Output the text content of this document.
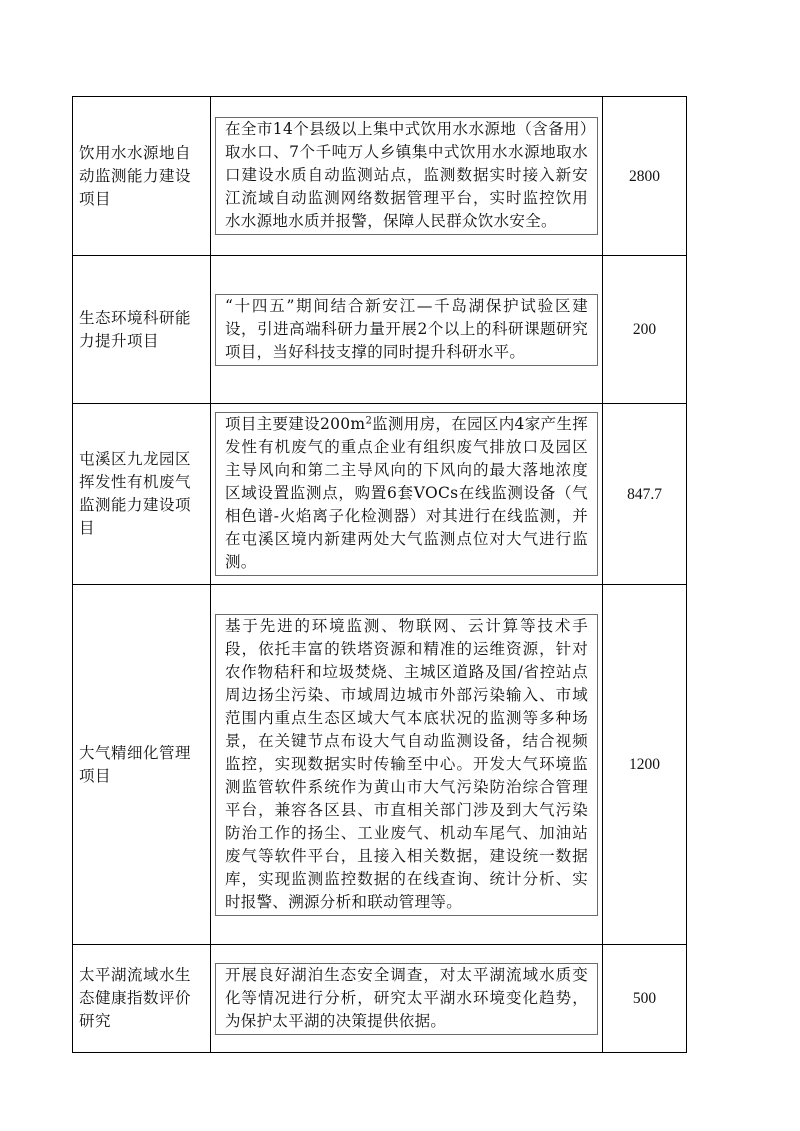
饮用水水源地自动监测能力建设项目	在全市14个县级以上集中式饮用水水源地（含备用）取水口、7个千吨万人乡镇集中式饮用水水源地取水口建设水质自动监测站点，监测数据实时接入新安江流域自动监测网络数据管理平台，实时监控饮用水水源地水质并报警，保障人民群众饮水安全。	2800
生态环境科研能力提升项目	“十四五”期间结合新安江—千岛湖保护试验区建设，引进高端科研力量开展2个以上的科研课题研究项目，当好科技支撑的同时提升科研水平。	200
屯溪区九龙园区挥发性有机废气监测能力建设项目	项目主要建设$200m^2$监测用房，在园区内4家产生挥发性有机废气的重点企业有组织废气排放口及园区主导风向和第二主导风向的下风向的最大落地浓度区域设置监测点，购置6套VOCs在线监测设备（气相色谱-火焰离子化检测器）对其进行在线监测，并在屯溪区境内新建两处大气监测点位对大气进行监测。	847.7
大气精细化管理项目	基于先进的环境监测、物联网、云计算等技术手段，依托丰富的铁塔资源和精准的运维资源，针对农作物秸秆和垃圾焚烧、主城区道路及国/省控站点周边扬尘污染、市域周边城市外部污染输入、市域范围内重点生态区域大气本底状况的监测等多种场景，在关键节点布设大气自动监测设备，结合视频监控，实现数据实时传输至中心。开发大气环境监测监管软件系统作为黄山市大气污染防治综合管理平台，兼容各区县、市直相关部门涉及到大气污染防治工作的扬尘、工业废气、机动车尾气、加油站废气等软件平台，且接入相关数据，建设统一数据库，实现监测监控数据的在线查询、统计分析、实时报警、溯源分析和联动管理等。	1200
太平湖流域水生态健康指数评价研究	开展良好湖泊生态安全调查，对太平湖流域水质变化等情况进行分析，研究太平湖水环境变化趋势，为保护太平湖的决策提供依据。	500
